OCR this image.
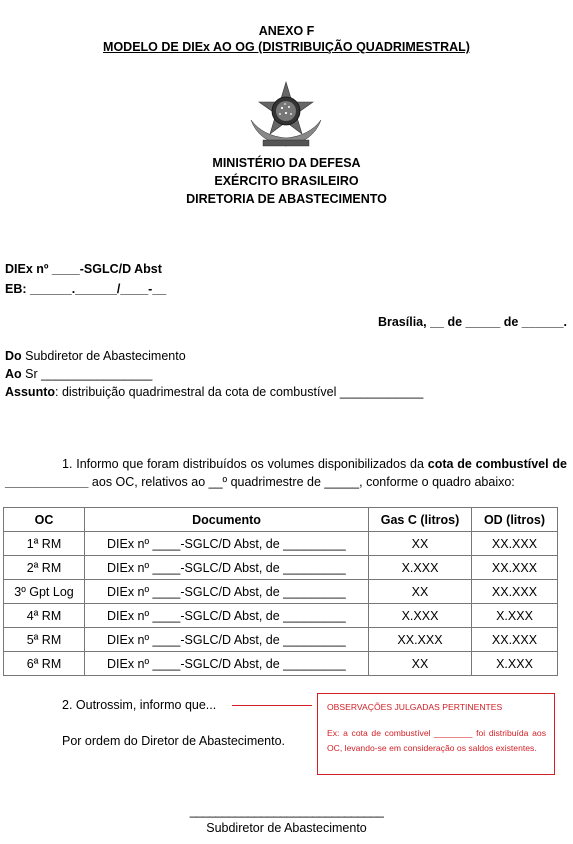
ANEXO F
MODELO DE DIEx AO OG (DISTRIBUIÇÃO QUADRIMESTRAL)
MINISTÉRIO DA DEFESA
EXÉRCITO BRASILEIRO
DIRETORIA DE ABASTECIMENTO
DIEx nº ____-SGLC/D Abst
EB: ______.______/____-__
Brasília, __ de _____ de ______.
Do Subdiretor de Abastecimento
Ao Sr ________________
Assunto: distribuição quadrimestral da cota de combustível ____________
1. Informo que foram distribuídos os volumes disponibilizados da cota de combustível de ____________ aos OC, relativos ao __º quadrimestre de _____, conforme o quadro abaixo:
OC	Documento	Gas C (litros)	OD (litros)
1ª RM	DIEx nº ____-SGLC/D Abst, de _________	XX	XX.XXX
2ª RM	DIEx nº ____-SGLC/D Abst, de _________	X.XXX	XX.XXX
3º Gpt Log	DIEx nº ____-SGLC/D Abst, de _________	XX	XX.XXX
4ª RM	DIEx nº ____-SGLC/D Abst, de _________	X.XXX	X.XXX
5ª RM	DIEx nº ____-SGLC/D Abst, de _________	XX.XXX	XX.XXX
6ª RM	DIEx nº ____-SGLC/D Abst, de _________	XX	X.XXX
2. Outrossim, informo que...	OBSERVAÇÕES JULGADAS PERTINENTES
Ex: a cota de combustível ________ foi distribuída aos OC, levando-se em consideração os saldos existentes.
Por ordem do Diretor de Abastecimento.
______________________________
Subdiretor de Abastecimento
